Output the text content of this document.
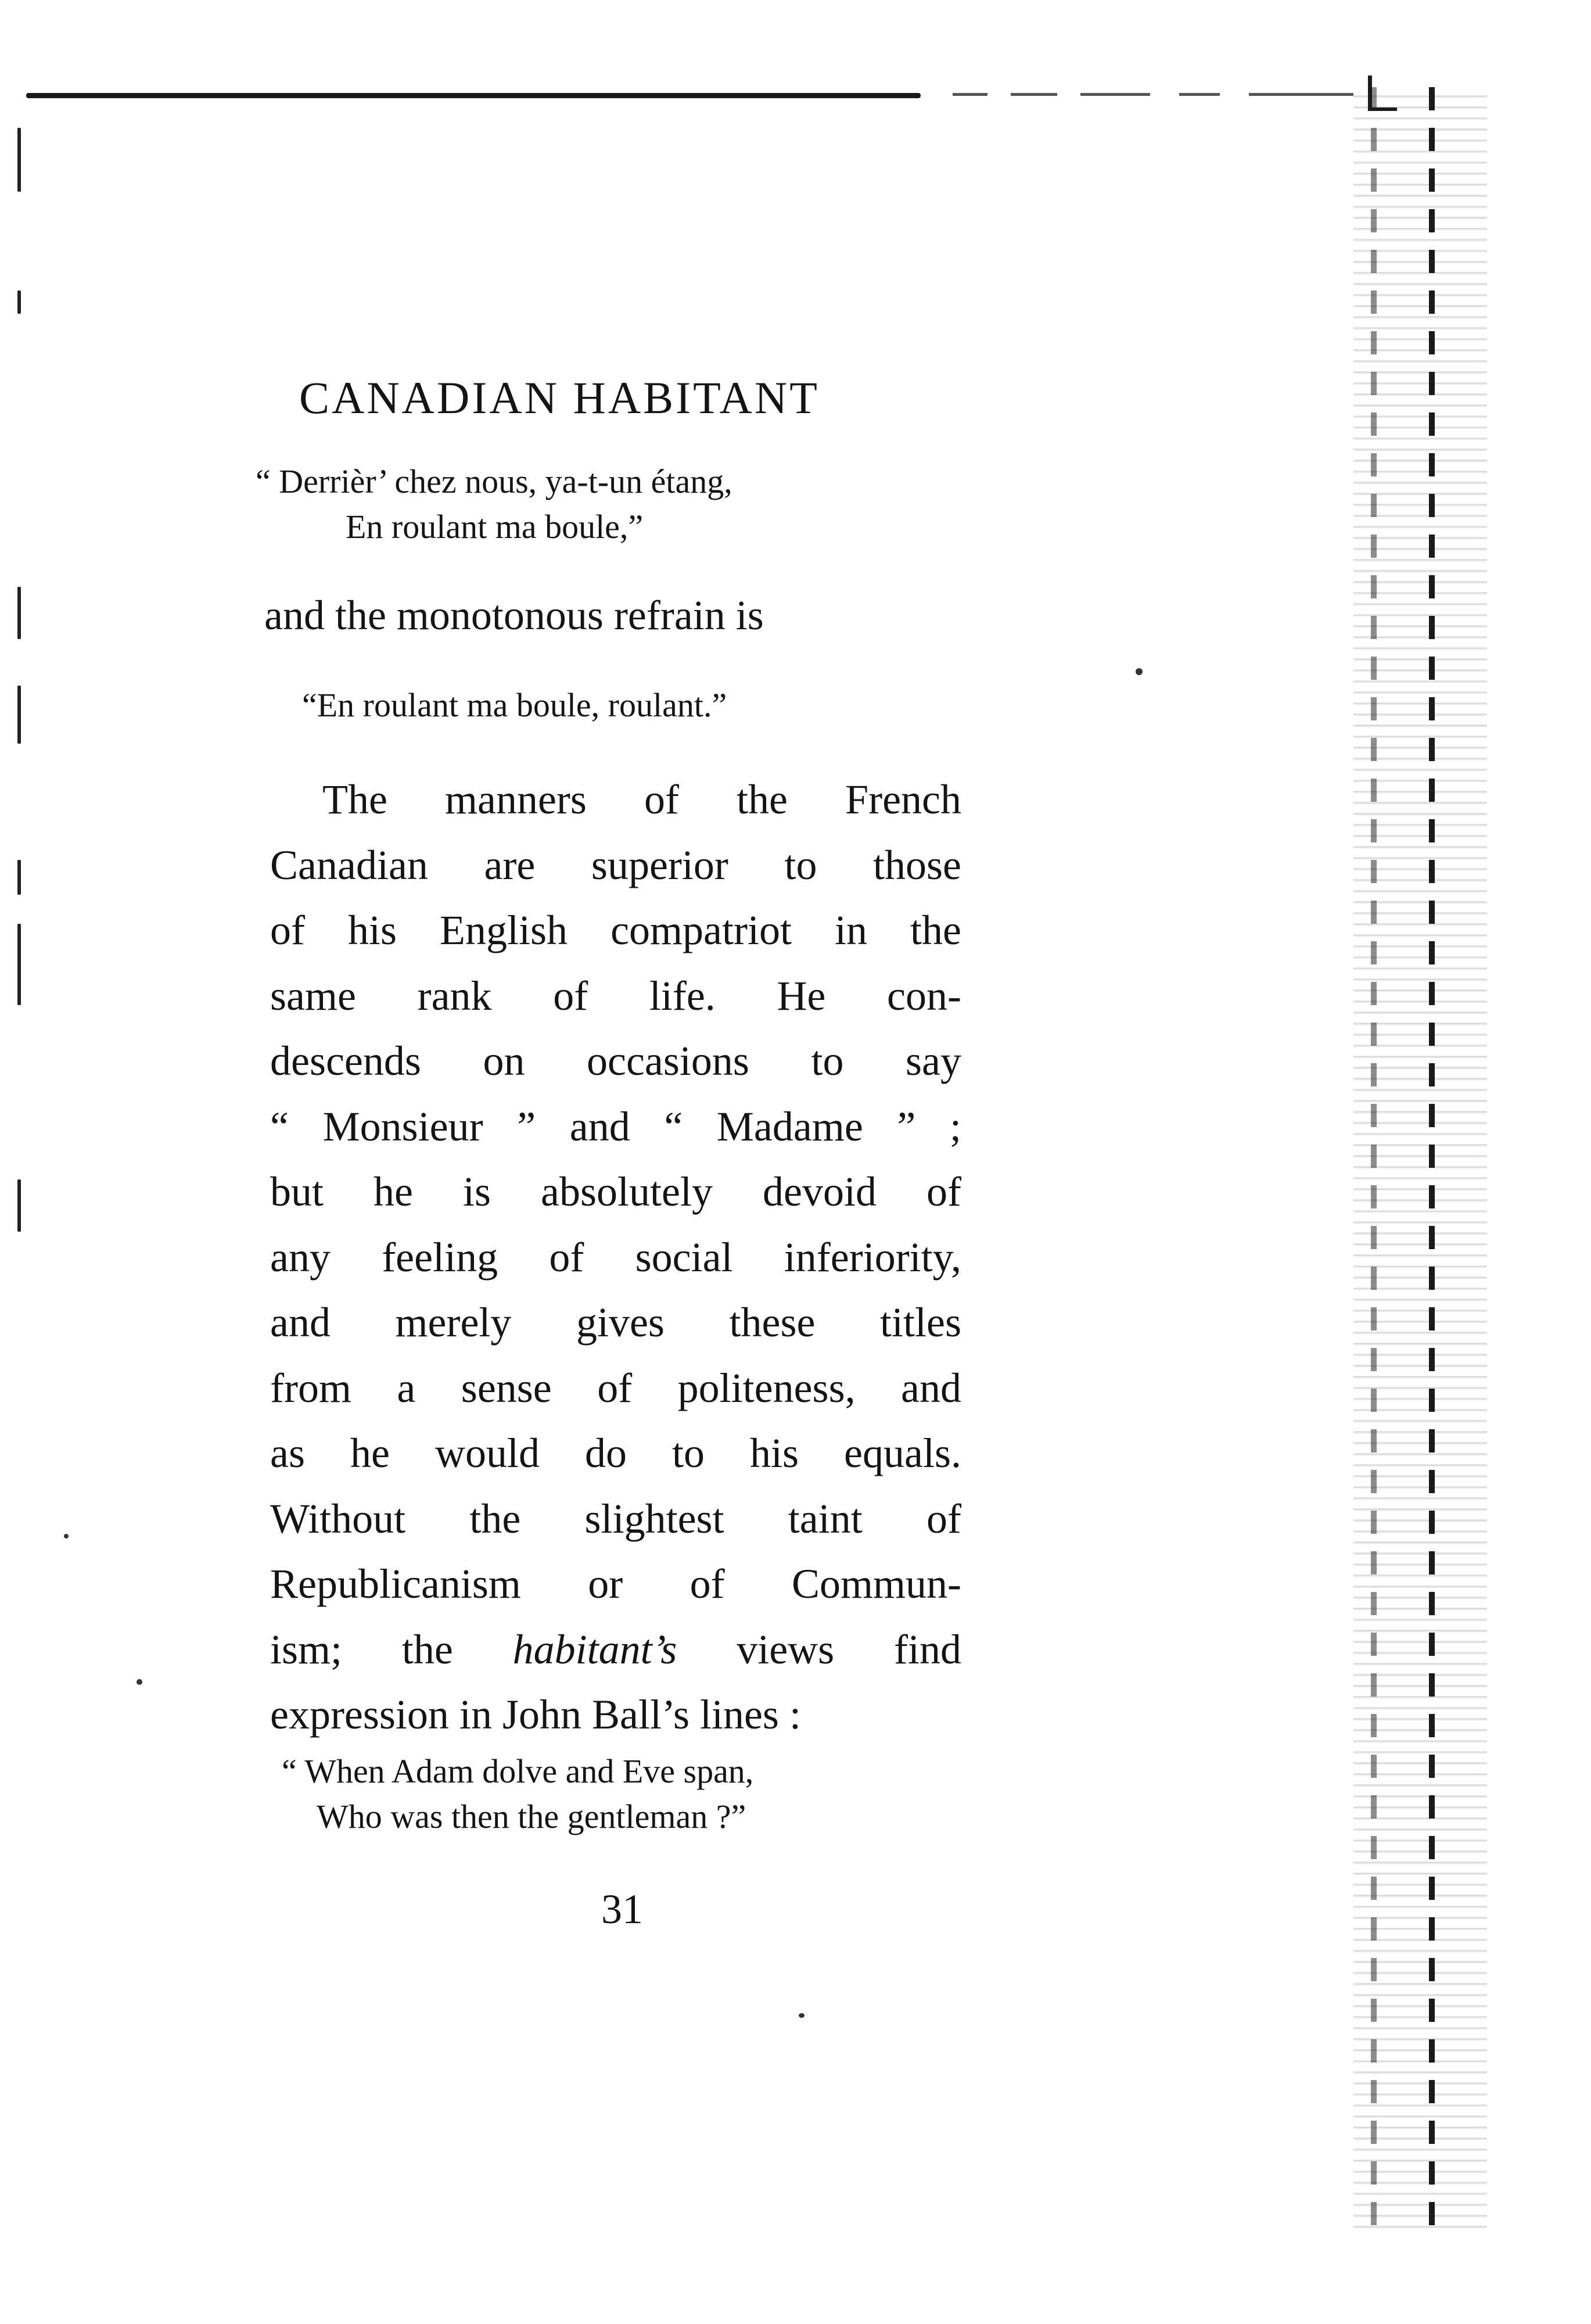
CANADIAN HABITANT
“ Derrièr’ chez nous, ya-t-un étang,
En roulant ma boule,”
and the monotonous refrain is
“En roulant ma boule, roulant.”
The manners of the French
Canadian are superior to those
of his English compatriot in the
same rank of life. He con-
descends on occasions to say
“ Monsieur ” and “ Madame ” ;
but he is absolutely devoid of
any feeling of social inferiority,
and merely gives these titles
from a sense of politeness, and
as he would do to his equals.
Without the slightest taint of
Republicanism or of Commun-
ism; the habitant’s views find
expression in John Ball’s lines :
“ When Adam dolve and Eve span,
Who was then the gentleman ?”
31
